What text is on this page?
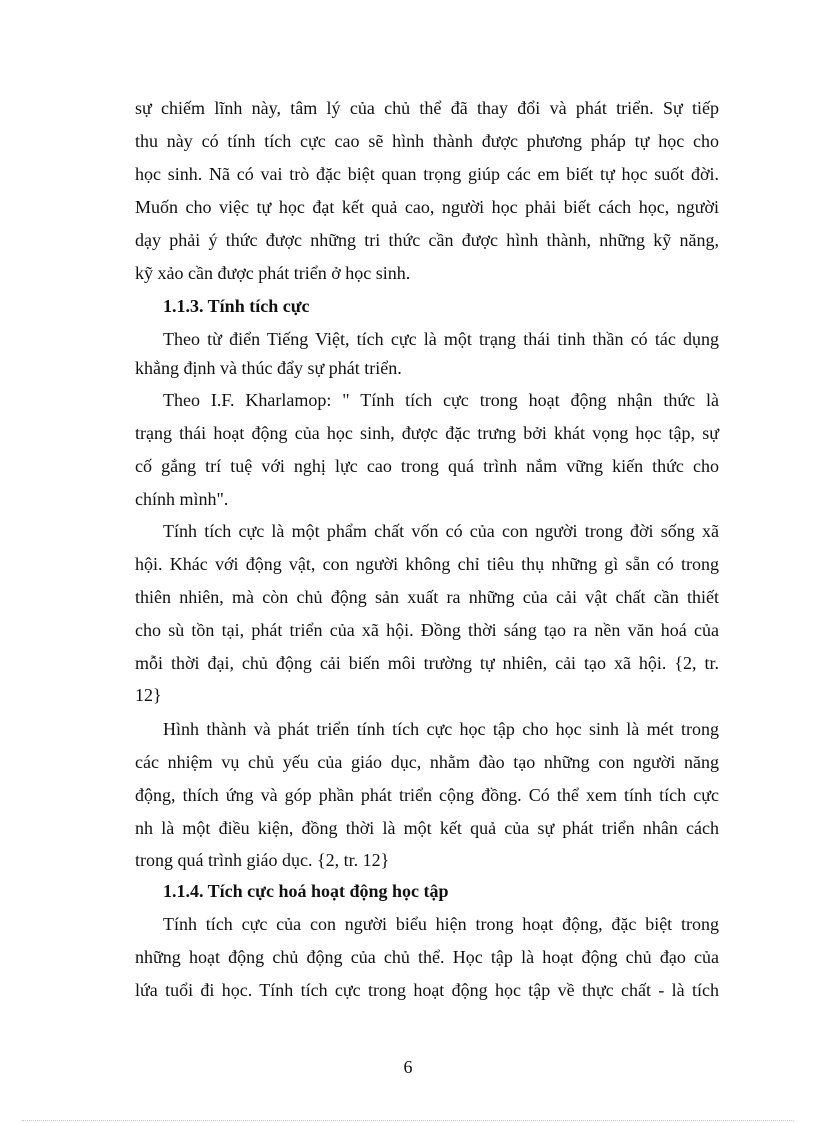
sự chiếm lĩnh này, tâm lý của chủ thể đã thay đổi và phát triển. Sự tiếp
thu này có tính tích cực cao sẽ hình thành được phương pháp tự học cho
học sinh. Nã có vai trò đặc biệt quan trọng giúp các em biết tự học suốt đời.
Muốn cho việc tự học đạt kết quả cao, người học phải biết cách học, người
dạy phải ý thức được những tri thức cần được hình thành, những kỹ năng,
kỹ xảo cần được phát triển ở học sinh.
1.1.3. Tính tích cực
Theo từ điển Tiếng Việt, tích cực là một trạng thái tinh thần có tác dụng
khẳng định và thúc đẩy sự phát triển.
Theo I.F. Kharlamop: " Tính tích cực trong hoạt động nhận thức là
trạng thái hoạt động của học sinh, được đặc trưng bởi khát vọng học tập, sự
cố gắng trí tuệ với nghị lực cao trong quá trình nắm vững kiến thức cho
chính mình".
Tính tích cực là một phẩm chất vốn có của con người trong đời sống xã
hội. Khác với động vật, con người không chỉ tiêu thụ những gì sẵn có trong
thiên nhiên, mà còn chủ động sản xuất ra những của cải vật chất cần thiết
cho sù tồn tại, phát triển của xã hội. Đồng thời sáng tạo ra nền văn hoá của
mỗi thời đại, chủ động cải biến môi trường tự nhiên, cải tạo xã hội. {2, tr.
12}
Hình thành và phát triển tính tích cực học tập cho học sinh là mét trong
các nhiệm vụ chủ yếu của giáo dục, nhằm đào tạo những con người năng
động, thích ứng và góp phần phát triển cộng đồng. Có thể xem tính tích cực
nh là một điều kiện, đồng thời là một kết quả của sự phát triển nhân cách
trong quá trình giáo dục. {2, tr. 12}
1.1.4. Tích cực hoá hoạt động học tập
Tính tích cực của con người biểu hiện trong hoạt động, đặc biệt trong
những hoạt động chủ động của chủ thể. Học tập là hoạt động chủ đạo của
lứa tuổi đi học. Tính tích cực trong hoạt động học tập về thực chất - là tích
6
